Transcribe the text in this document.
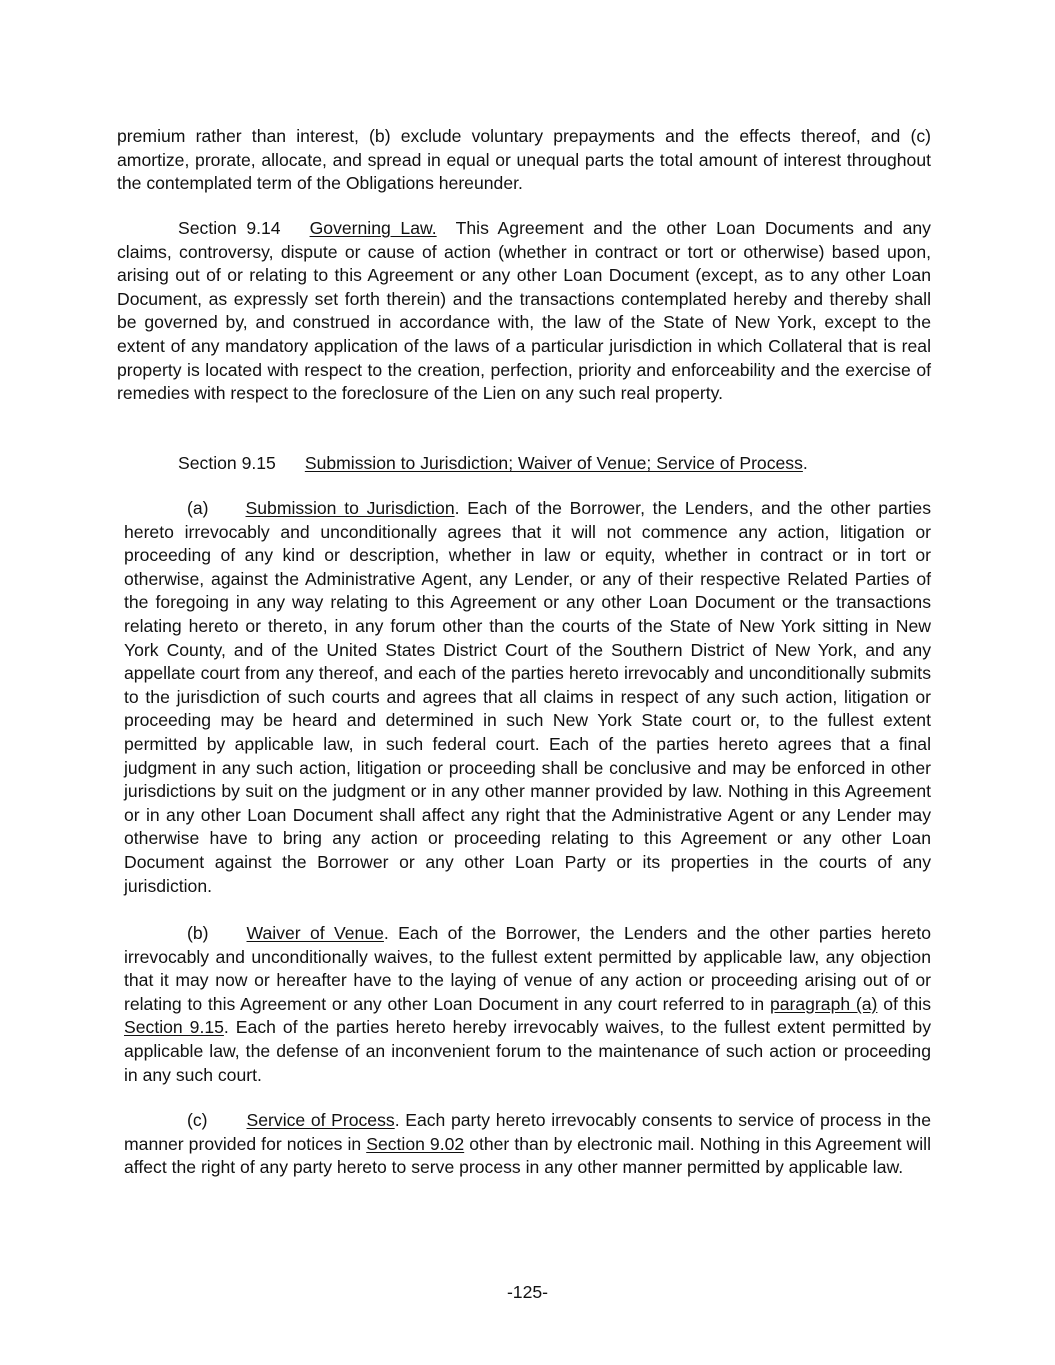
premium rather than interest, (b) exclude voluntary prepayments and the effects thereof, and (c) amortize, prorate, allocate, and spread in equal or unequal parts the total amount of interest throughout the contemplated term of the Obligations hereunder.

Section 9.14 Governing Law. This Agreement and the other Loan Documents and any claims, controversy, dispute or cause of action (whether in contract or tort or otherwise) based upon, arising out of or relating to this Agreement or any other Loan Document (except, as to any other Loan Document, as expressly set forth therein) and the transactions contemplated hereby and thereby shall be governed by, and construed in accordance with, the law of the State of New York, except to the extent of any mandatory application of the laws of a particular jurisdiction in which Collateral that is real property is located with respect to the creation, perfection, priority and enforceability and the exercise of remedies with respect to the foreclosure of the Lien on any such real property.

Section 9.15 Submission to Jurisdiction; Waiver of Venue; Service of Process.

(a) Submission to Jurisdiction. Each of the Borrower, the Lenders, and the other parties hereto irrevocably and unconditionally agrees that it will not commence any action, litigation or proceeding of any kind or description, whether in law or equity, whether in contract or in tort or otherwise, against the Administrative Agent, any Lender, or any of their respective Related Parties of the foregoing in any way relating to this Agreement or any other Loan Document or the transactions relating hereto or thereto, in any forum other than the courts of the State of New York sitting in New York County, and of the United States District Court of the Southern District of New York, and any appellate court from any thereof, and each of the parties hereto irrevocably and unconditionally submits to the jurisdiction of such courts and agrees that all claims in respect of any such action, litigation or proceeding may be heard and determined in such New York State court or, to the fullest extent permitted by applicable law, in such federal court. Each of the parties hereto agrees that a final judgment in any such action, litigation or proceeding shall be conclusive and may be enforced in other jurisdictions by suit on the judgment or in any other manner provided by law. Nothing in this Agreement or in any other Loan Document shall affect any right that the Administrative Agent or any Lender may otherwise have to bring any action or proceeding relating to this Agreement or any other Loan Document against the Borrower or any other Loan Party or its properties in the courts of any jurisdiction.

(b) Waiver of Venue. Each of the Borrower, the Lenders and the other parties hereto irrevocably and unconditionally waives, to the fullest extent permitted by applicable law, any objection that it may now or hereafter have to the laying of venue of any action or proceeding arising out of or relating to this Agreement or any other Loan Document in any court referred to in paragraph (a) of this Section 9.15. Each of the parties hereto hereby irrevocably waives, to the fullest extent permitted by applicable law, the defense of an inconvenient forum to the maintenance of such action or proceeding in any such court.

(c) Service of Process. Each party hereto irrevocably consents to service of process in the manner provided for notices in Section 9.02 other than by electronic mail. Nothing in this Agreement will affect the right of any party hereto to serve process in any other manner permitted by applicable law.

-125-
